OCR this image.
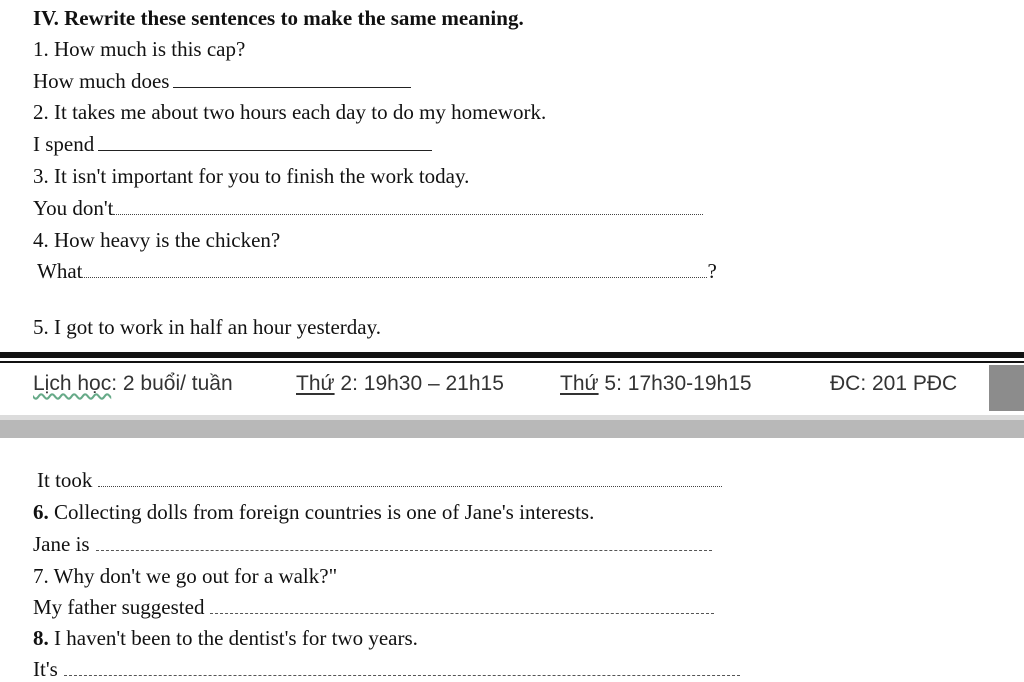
IV. Rewrite these sentences to make the same meaning.
1. How much is this cap?
How much does
2. It takes me about two hours each day to do my homework.
I spend
3. It isn't important for you to finish the work today.
You don't
4. How heavy is the chicken?
What	?
5. I got to work in half an hour yesterday.
Lịch học: 2 buổi/ tuần	Thứ 2: 19h30 – 21h15	Thứ 5: 17h30-19h15	ĐC: 201 PĐC
It took
6. Collecting dolls from foreign countries is one of Jane's interests.
Jane is
7. Why don't we go out for a walk?"
My father suggested
8. I haven't been to the dentist's for two years.
It's
